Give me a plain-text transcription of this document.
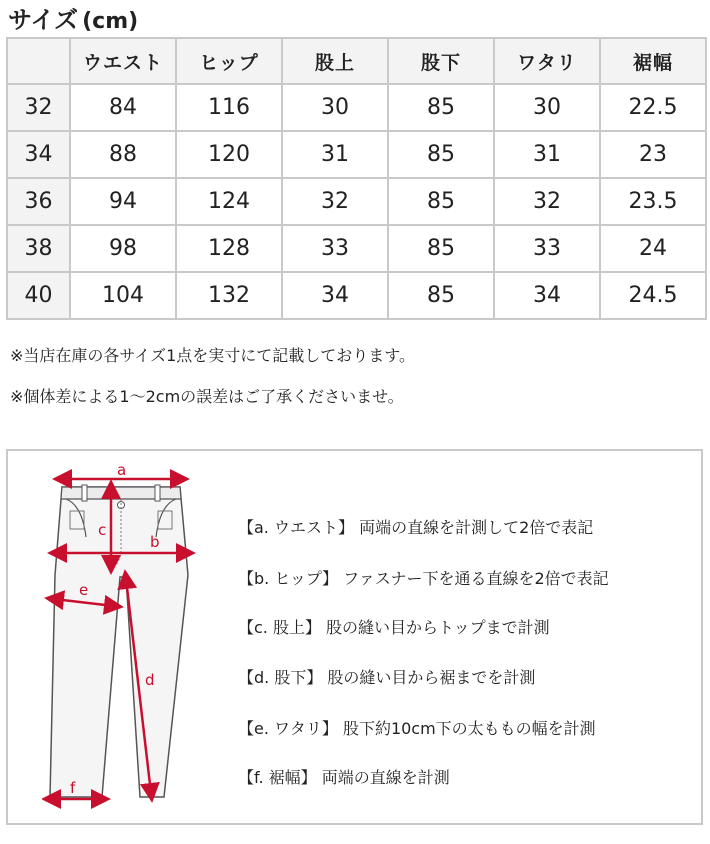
サイズ (cm)
	ウエスト	ヒップ	股上	股下	ワタリ	裾幅
32	84	116	30	85	30	22.5
34	88	120	31	85	31	23
36	94	124	32	85	32	23.5
38	98	128	33	85	33	24
40	104	132	34	85	34	24.5
※当店在庫の各サイズ1点を実寸にて記載しております。
※個体差による1～2cmの誤差はご了承くださいませ。
a
b
c
d
e
f
【a. ウエスト】 両端の直線を計測して2倍で表記
【b. ヒップ】 ファスナー下を通る直線を2倍で表記
【c. 股上】 股の縫い目からトップまで計測
【d. 股下】 股の縫い目から裾までを計測
【e. ワタリ】 股下約10cm下の太ももの幅を計測
【f. 裾幅】 両端の直線を計測
